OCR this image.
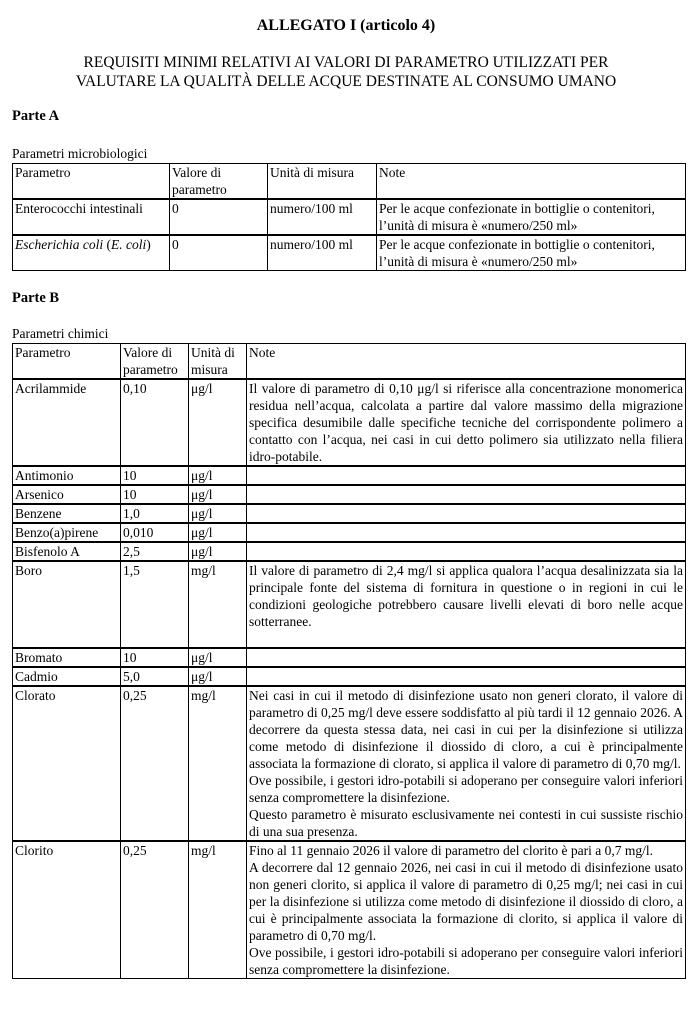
ALLEGATO I (articolo 4)
REQUISITI MINIMI RELATIVI AI VALORI DI PARAMETRO UTILIZZATI PER
VALUTARE LA QUALITÀ DELLE ACQUE DESTINATE AL CONSUMO UMANO
Parte A
Parametri microbiologici
Parametro	Valore di parametro	Unità di misura	Note
Enterococchi intestinali	0	numero/100 ml	Per le acque confezionate in bottiglie o contenitori, l’unità di misura è «numero/250 ml»
Escherichia coli (E. coli)	0	numero/100 ml	Per le acque confezionate in bottiglie o contenitori, l’unità di misura è «numero/250 ml»
Parte B
Parametri chimici
Parametro	Valore di parametro	Unità di misura	Note
Acrilammide	0,10	μg/l	Il valore di parametro di 0,10 μg/l si riferisce alla concentrazione monomerica residua nell’acqua, calcolata a partire dal valore massimo della migrazione specifica desumibile dalle specifiche tecniche del corrispondente polimero a contatto con l’acqua, nei casi in cui detto polimero sia utilizzato nella filiera idro-potabile.
Antimonio	10	μg/l	
Arsenico	10	μg/l	
Benzene	1,0	μg/l	
Benzo(a)pirene	0,010	μg/l	
Bisfenolo A	2,5	μg/l	
Boro	1,5	mg/l	Il valore di parametro di 2,4 mg/l si applica qualora l’acqua desalinizzata sia la principale fonte del sistema di fornitura in questione o in regioni in cui le condizioni geologiche potrebbero causare livelli elevati di boro nelle acque sotterranee.
Bromato	10	μg/l	
Cadmio	5,0	μg/l	
Clorato	0,25	mg/l	Nei casi in cui il metodo di disinfezione usato non generi clorato, il valore di parametro di 0,25 mg/l deve essere soddisfatto al più tardi il 12 gennaio 2026. A decorrere da questa stessa data, nei casi in cui per la disinfezione si utilizza come metodo di disinfezione il diossido di cloro, a cui è principalmente associata la formazione di clorato, si applica il valore di parametro di 0,70 mg/l.
Ove possibile, i gestori idro-potabili si adoperano per conseguire valori inferiori senza compromettere la disinfezione.
Questo parametro è misurato esclusivamente nei contesti in cui sussiste rischio di una sua presenza.

Clorito	0,25	mg/l	Fino al 11 gennaio 2026 il valore di parametro del clorito è pari a 0,7 mg/l.
A decorrere dal 12 gennaio 2026, nei casi in cui il metodo di disinfezione usato non generi clorito, si applica il valore di parametro di 0,25 mg/l; nei casi in cui per la disinfezione si utilizza come metodo di disinfezione il diossido di cloro, a cui è principalmente associata la formazione di clorito, si applica il valore di parametro di 0,70 mg/l.
Ove possibile, i gestori idro-potabili si adoperano per conseguire valori inferiori senza compromettere la disinfezione.
